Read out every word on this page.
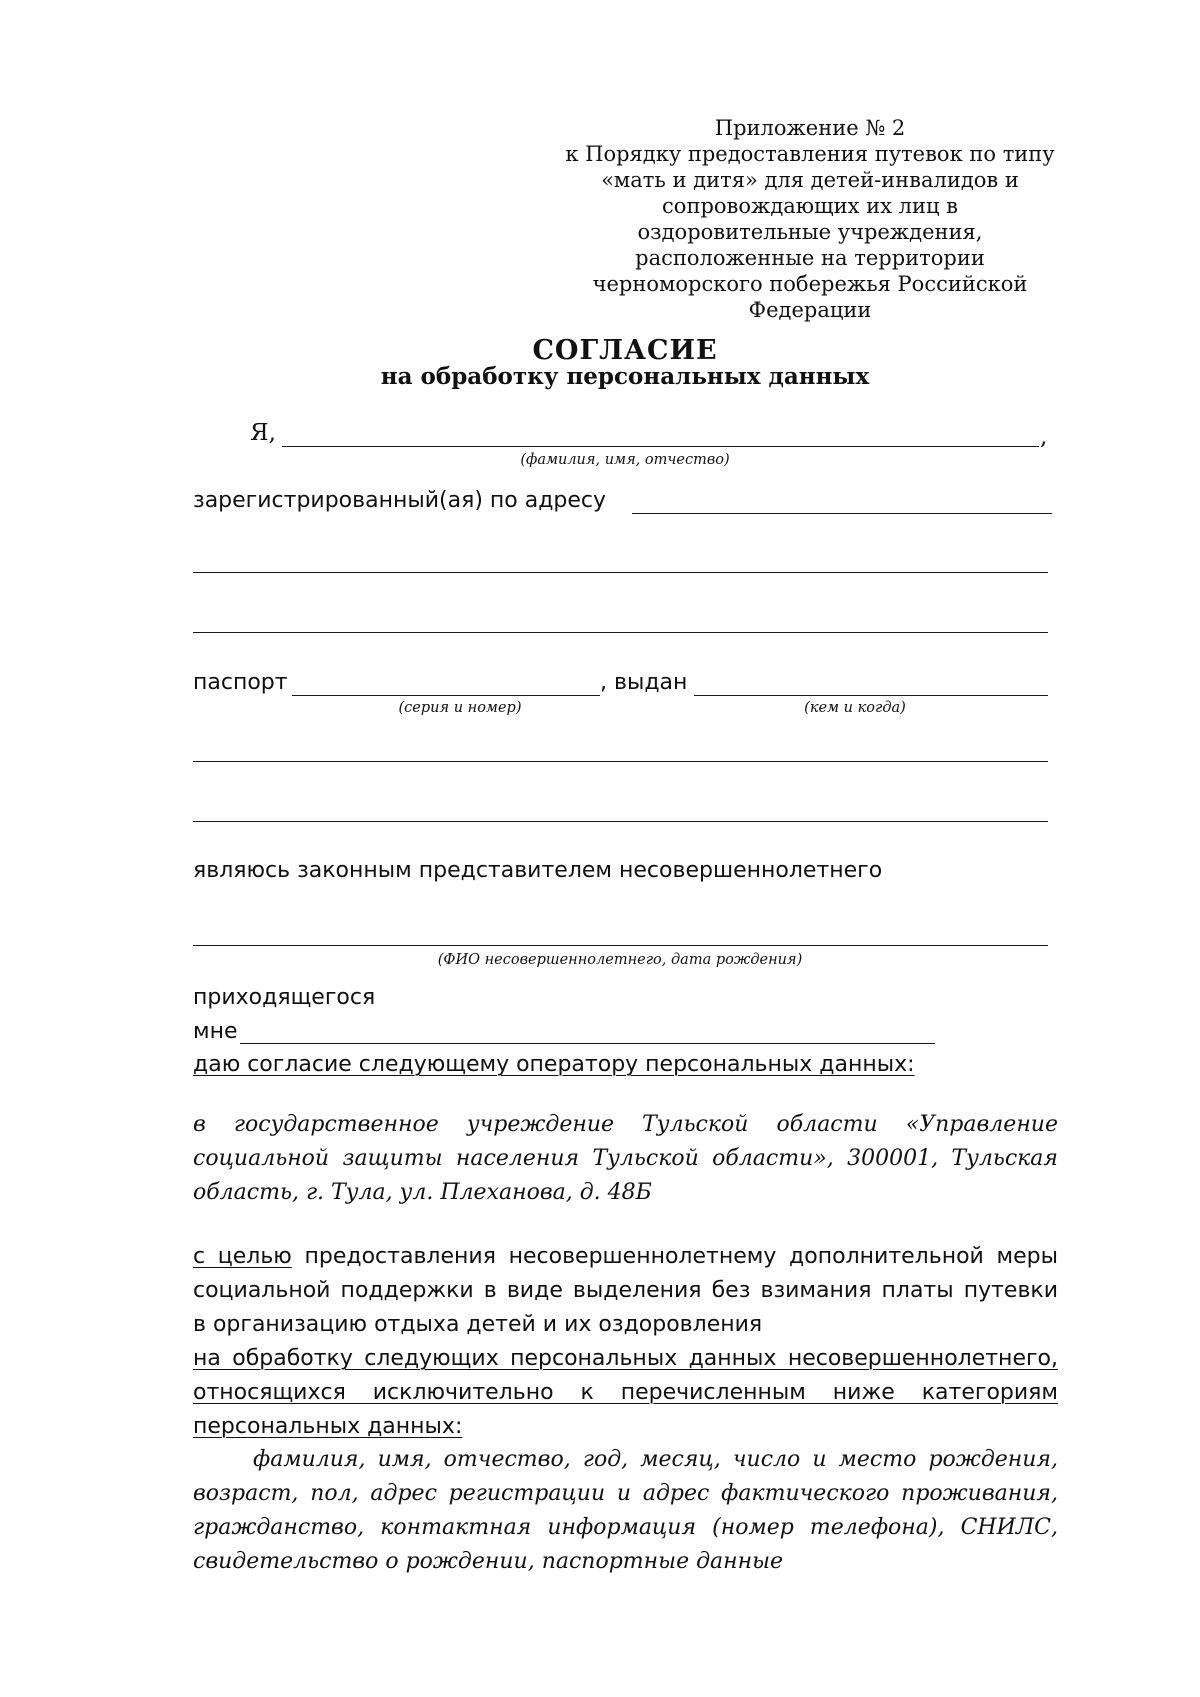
Приложение № 2
к Порядку предоставления путевок по типу
«мать и дитя» для детей-инвалидов и
сопровождающих их лиц в
оздоровительные учреждения,
расположенные на территории
черноморского побережья Российской
Федерации
СОГЛАСИЕ
на обработку персональных данных
Я,	,
(фамилия, имя, отчество)
зарегистрированный(ая) по адресу
паспорт	, выдан
(серия и номер)	(кем и когда)
являюсь законным представителем несовершеннолетнего
(ФИО несовершеннолетнего, дата рождения)
приходящегося
мне
даю согласие следующему оператору персональных данных:
в государственное учреждение Тульской области «Управление
социальной защиты населения Тульской области», 300001, Тульская
область, г. Тула, ул. Плеханова, д. 48Б
с целью предоставления несовершеннолетнему дополнительной меры
социальной поддержки в виде выделения без взимания платы путевки
в организацию отдыха детей и их оздоровления
на обработку следующих персональных данных несовершеннолетнего,
относящихся исключительно к перечисленным ниже категориям
персональных данных:
фамилия, имя, отчество, год, месяц, число и место рождения,
возраст, пол, адрес регистрации и адрес фактического проживания,
гражданство, контактная информация (номер телефона), СНИЛС,
свидетельство о рождении, паспортные данные
